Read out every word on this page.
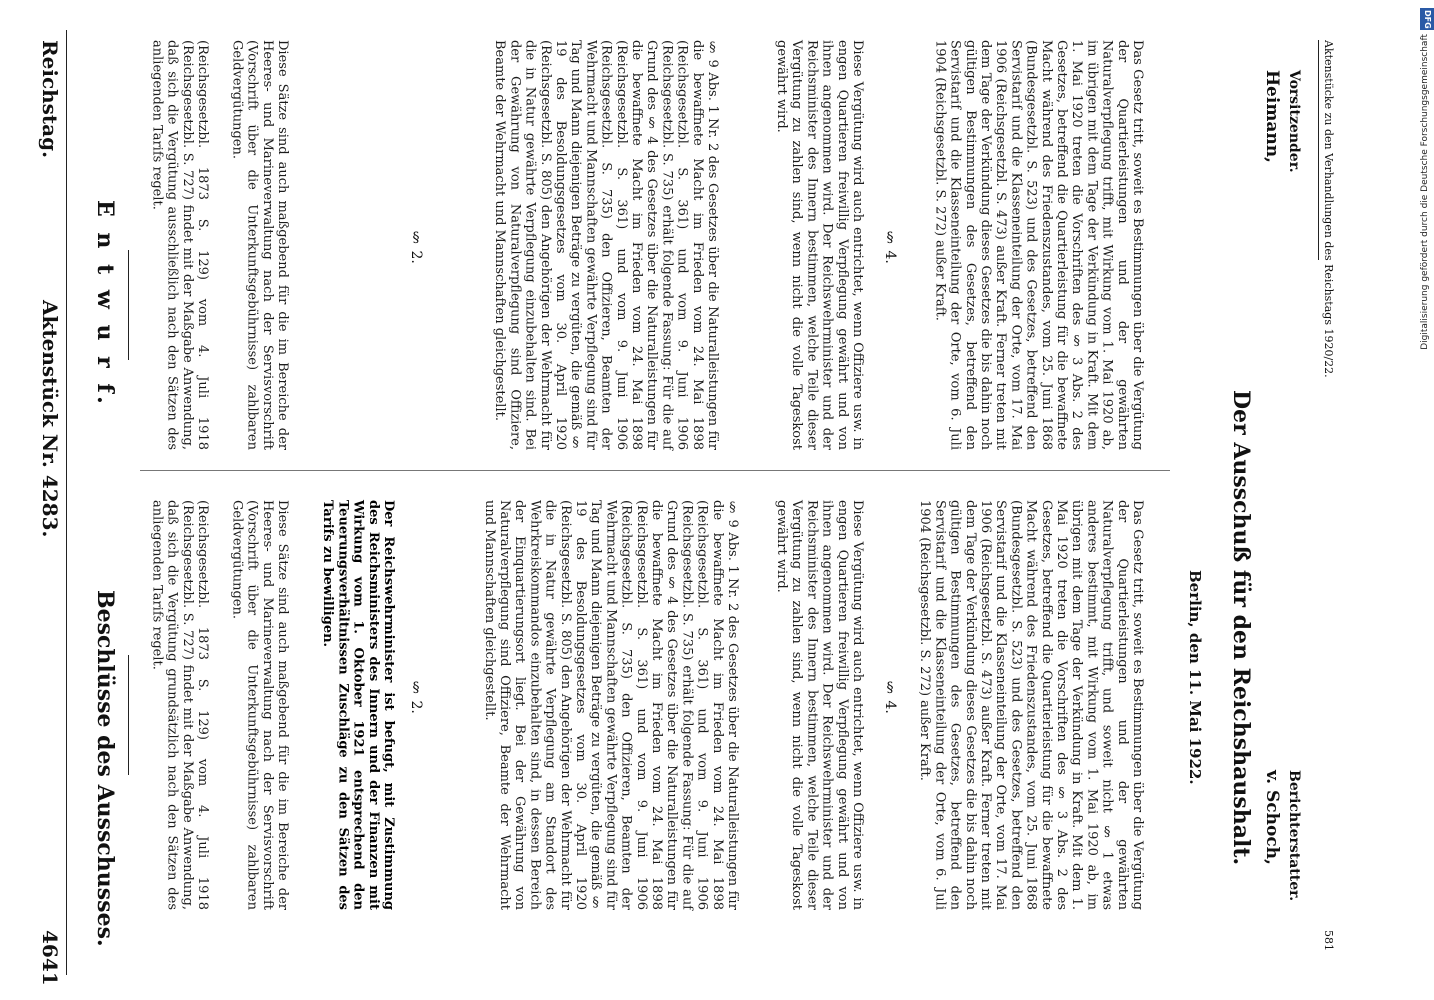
Reichstag.
Aktenstück Nr. 4283.
4641
E n t w u r f.
Beschlüsse des Ausschusses.
(Reichsgesetzbl. 1873 S. 129) vom 4. Juli 1918 (Reichsgesetzbl. S. 727) findet mit der Maßgabe Anwendung, daß sich die Vergütung ausschließlich nach den Sätzen des anliegenden Tarifs regelt.	Diese Sätze sind auch maßgebend für die im Bereiche der Heeres- und Marineverwaltung nach der Servisvorschrift (Vorschrift über die Unterkunftsgebührnisse) zahlbaren Geldvergütungen.
§ 2.	§ 9 Abs. 1 Nr. 2 des Gesetzes über die Naturalleistungen für die bewaffnete Macht im Frieden vom 24. Mai 1898 (Reichsgesetzbl. S. 361) und vom 9. Juni 1906 (Reichsgesetzbl. S. 735) erhält folgende Fassung: Für die auf Grund des § 4 des Gesetzes über die Naturalleistungen für die bewaffnete Macht im Frieden vom 24. Mai 1898 (Reichsgesetzbl. S. 361) und vom 9. Juni 1906 (Reichsgesetzbl. S. 735) den Offizieren, Beamten der Wehrmacht und Mannschaften gewährte Verpflegung sind für Tag und Mann diejenigen Beträge zu vergüten, die gemäß § 19 des Besoldungsgesetzes vom 30. April 1920 (Reichsgesetzbl. S. 805) den Angehörigen der Wehrmacht für die in Natur gewährte Verpflegung einzubehalten sind. Bei der Gewährung von Naturalverpflegung sind Offiziere, Beamte der Wehrmacht und Mannschaften gleichgestellt.	Diese Vergütung wird auch entrichtet, wenn Offiziere usw. in engen Quartieren freiwillig Verpflegung gewährt und von ihnen angenommen wird. Der Reichswehrminister und der Reichsminister des Innern bestimmen, welche Teile dieser Vergütung zu zahlen sind, wenn nicht die volle Tageskost gewährt wird.
§ 4.	Das Gesetz tritt, soweit es Bestimmungen über die Vergütung der Quartierleistungen und der gewährten Naturalverpflegung trifft, mit Wirkung vom 1. Mai 1920 ab, im übrigen mit dem Tage der Verkündung in Kraft. Mit dem 1. Mai 1920 treten die Vorschriften des § 3 Abs. 2 des Gesetzes, betreffend die Quartierleistung für die bewaffnete Macht während des Friedenszustandes, vom 25. Juni 1868 (Bundesgesetzbl. S. 523) und des Gesetzes, betreffend den Servistarif und die Klasseneinteilung der Orte, vom 17. Mai 1906 (Reichsgesetzbl. S. 473) außer Kraft. Ferner treten mit dem Tage der Verkündung dieses Gesetzes die bis dahin noch gültigen Bestimmungen des Gesetzes, betreffend den Servistarif und die Klasseneinteilung der Orte, vom 6. Juli 1904 (Reichsgesetzbl. S. 272) außer Kraft.
(Reichsgesetzbl. 1873 S. 129) vom 4. Juli 1918 (Reichsgesetzbl. S. 727) findet mit der Maßgabe Anwendung, daß sich die Vergütung grundsätzlich nach den Sätzen des anliegenden Tarifs regelt.	Diese Sätze sind auch maßgebend für die im Bereiche der Heeres- und Marineverwaltung nach der Servisvorschrift (Vorschrift über die Unterkunftsgebührnisse) zahlbaren Geldvergütungen.	Der Reichswehrminister ist befugt, mit Zustimmung des Reichsministers des Innern und der Finanzen mit Wirkung vom 1. Oktober 1921 entsprechend den Teuerungsverhältnissen Zuschläge zu den Sätzen des Tarifs zu bewilligen.
§ 2.	§ 9 Abs. 1 Nr. 2 des Gesetzes über die Naturalleistungen für die bewaffnete Macht im Frieden vom 24. Mai 1898 (Reichsgesetzbl. S. 361) und vom 9. Juni 1906 (Reichsgesetzbl. S. 735) erhält folgende Fassung: Für die auf Grund des § 4 des Gesetzes über die Naturalleistungen für die bewaffnete Macht im Frieden vom 24. Mai 1898 (Reichsgesetzbl. S. 361) und vom 9. Juni 1906 (Reichsgesetzbl. S. 735) den Offizieren, Beamten der Wehrmacht und Mannschaften gewährte Verpflegung sind für Tag und Mann diejenigen Beträge zu vergüten, die gemäß § 19 des Besoldungsgesetzes vom 30. April 1920 (Reichsgesetzbl. S. 805) den Angehörigen der Wehrmacht für die in Natur gewährte Verpflegung am Standort des Wehrkreiskommandos einzubehalten sind, in dessen Bereich der Einquartierungsort liegt. Bei der Gewährung von Naturalverpflegung sind Offiziere, Beamte der Wehrmacht und Mannschaften gleichgestellt.	Diese Vergütung wird auch entrichtet, wenn Offiziere usw. in engen Quartieren freiwillig Verpflegung gewährt und von ihnen angenommen wird. Der Reichswehrminister und der Reichsminister des Innern bestimmen, welche Teile dieser Vergütung zu zahlen sind, wenn nicht die volle Tageskost gewährt wird.
§ 4.	Das Gesetz tritt, soweit es Bestimmungen über die Vergütung der Quartierleistungen und der gewährten Naturalverpflegung trifft, und soweit nicht § 1 etwas anderes bestimmt, mit Wirkung vom 1. Mai 1920 ab, im übrigen mit dem Tage der Verkündung in Kraft. Mit dem 1. Mai 1920 treten die Vorschriften des § 3 Abs. 2 des Gesetzes, betreffend die Quartierleistung für die bewaffnete Macht während des Friedenszustandes, vom 25. Juni 1868 (Bundesgesetzbl. S. 523) und des Gesetzes, betreffend den Servistarif und die Klasseneinteilung der Orte, vom 17. Mai 1906 (Reichsgesetzbl. S. 473) außer Kraft. Ferner treten mit dem Tage der Verkündung dieses Gesetzes die bis dahin noch gültigen Bestimmungen des Gesetzes, betreffend den Servistarif und die Klasseneinteilung der Orte, vom 6. Juli 1904 (Reichsgesetzbl. S. 272) außer Kraft.	Berlin, den 11. Mai 1922. Der Ausschuß für den Reichshaushalt.
Heimann, Vorsitzender.
v. Schoch, Berichterstatter.
Aktenstücke zu den Verhandlungen des Reichstags 1920/22.
581
DFG
Digitalisierung gefördert durch die Deutsche Forschungsgemeinschaft
